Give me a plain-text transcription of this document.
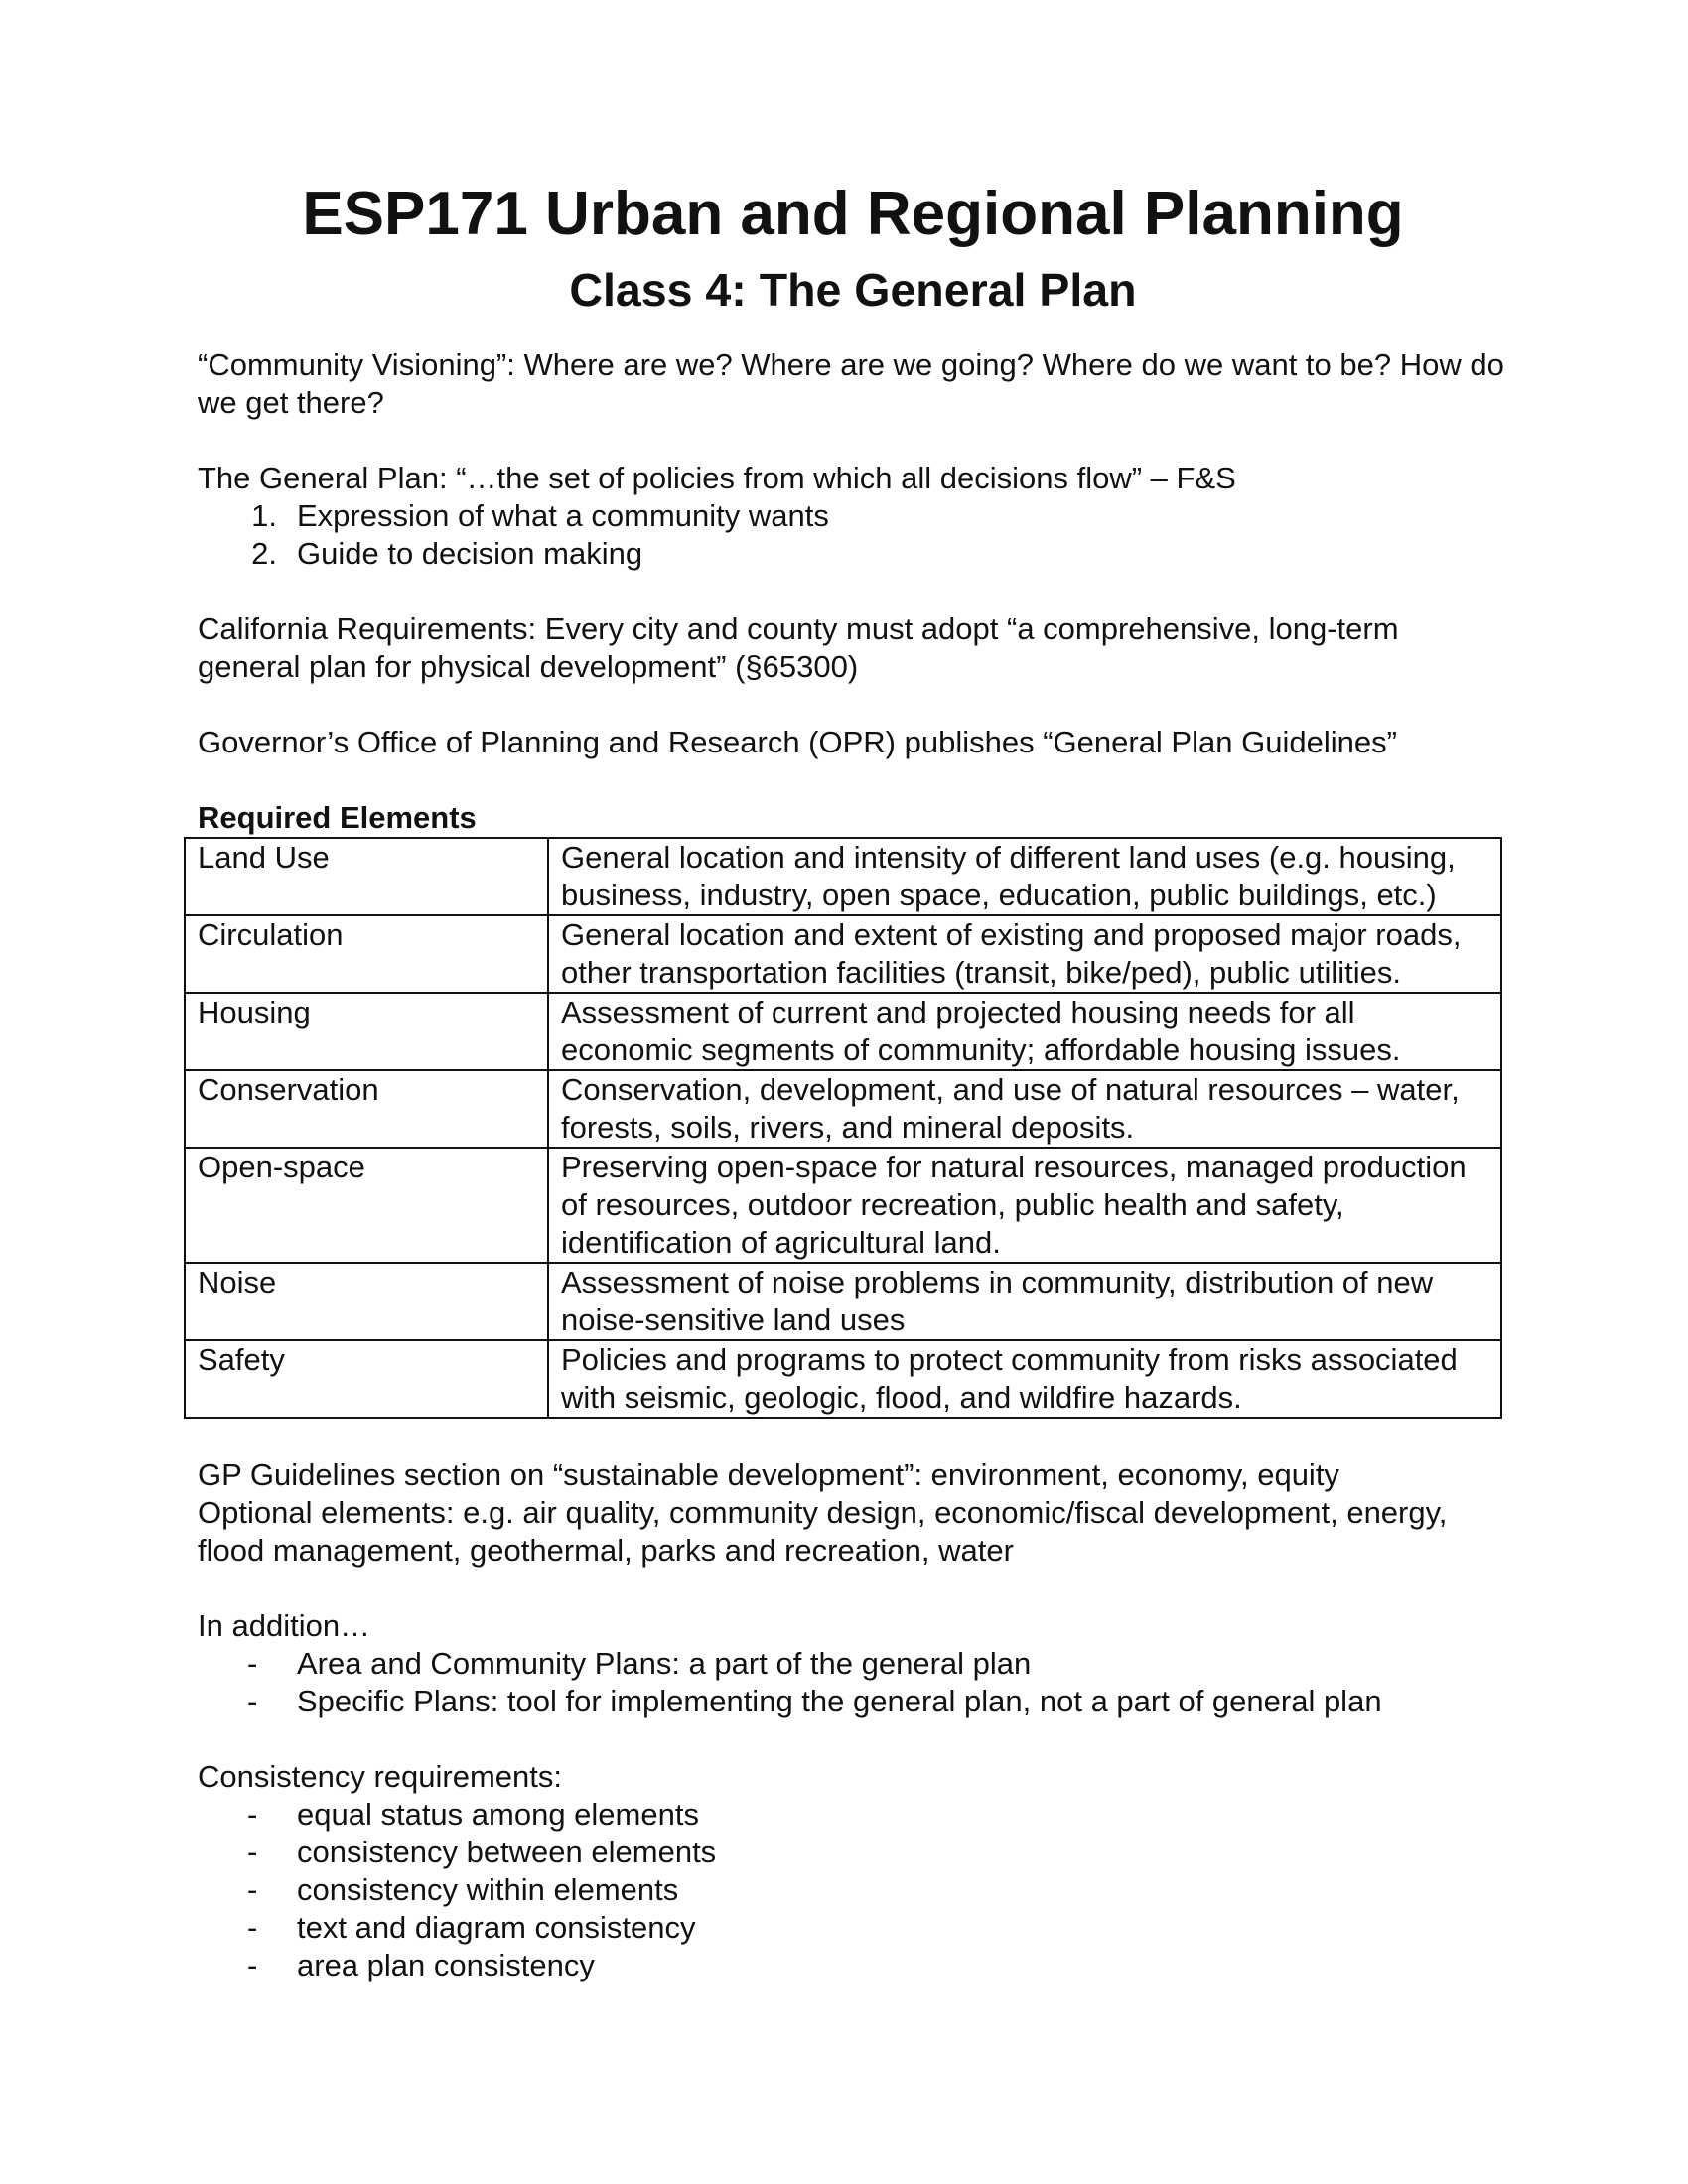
ESP171 Urban and Regional Planning
Class 4: The General Plan

“Community Visioning”: Where are we? Where are we going? Where do we want to be? How do we get there?

The General Plan: “…the set of policies from which all decisions flow” – F&S

1. Expression of what a community wants
2. Guide to decision making

California Requirements: Every city and county must adopt “a comprehensive, long-term general plan for physical development” (§65300)

Governor’s Office of Planning and Research (OPR) publishes “General Plan Guidelines”

Required Elements
Land Use	General location and intensity of different land uses (e.g. housing, business, industry, open space, education, public buildings, etc.)
Circulation	General location and extent of existing and proposed major roads, other transportation facilities (transit, bike/ped), public utilities.
Housing	Assessment of current and projected housing needs for all economic segments of community; affordable housing issues.
Conservation	Conservation, development, and use of natural resources – water, forests, soils, rivers, and mineral deposits.
Open-space	Preserving open-space for natural resources, managed production of resources, outdoor recreation, public health and safety, identification of agricultural land.
Noise	Assessment of noise problems in community, distribution of new noise-sensitive land uses
Safety	Policies and programs to protect community from risks associated with seismic, geologic, flood, and wildfire hazards.

GP Guidelines section on “sustainable development”: environment, economy, equity

Optional elements: e.g. air quality, community design, economic/fiscal development, energy, flood management, geothermal, parks and recreation, water

In addition…

-	Area and Community Plans: a part of the general plan
-	Specific Plans: tool for implementing the general plan, not a part of general plan

Consistency requirements:

-	equal status among elements
-	consistency between elements
-	consistency within elements
-	text and diagram consistency
-	area plan consistency
